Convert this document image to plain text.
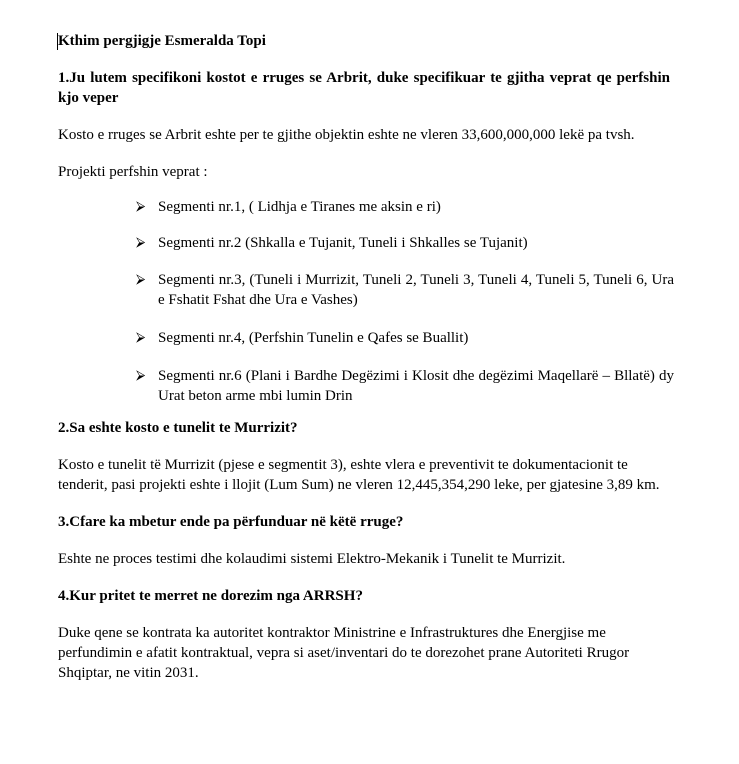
Kthim pergjigje Esmeralda Topi

1.Ju lutem specifikoni kostot e rruges se Arbrit, duke specifikuar te gjitha veprat qe perfshin kjo veper

Kosto e rruges se Arbrit eshte per te gjithe objektin eshte ne vleren 33,600,000,000 lekë pa tvsh.

Projekti perfshin veprat :

⮚ Segmenti nr.1, ( Lidhja e Tiranes me aksin e ri)
⮚ Segmenti nr.2 (Shkalla e Tujanit, Tuneli i Shkalles se Tujanit)
⮚ Segmenti nr.3, (Tuneli i Murrizit, Tuneli 2, Tuneli 3, Tuneli 4, Tuneli 5, Tuneli 6, Ura e Fshatit Fshat dhe Ura e Vashes)
⮚ Segmenti nr.4, (Perfshin Tunelin e Qafes se Buallit)
⮚ Segmenti nr.6 (Plani i Bardhe Degëzimi i Klosit dhe degëzimi Maqellarë – Bllatë) dy Urat beton arme mbi lumin Drin

2.Sa eshte kosto e tunelit te Murrizit?

Kosto e tunelit të Murrizit (pjese e segmentit 3), eshte vlera e preventivit te dokumentacionit te tenderit, pasi projekti eshte i llojit (Lum Sum) ne vleren 12,445,354,290 leke, per gjatesine 3,89 km.

3.Cfare ka mbetur ende pa përfunduar në këtë rruge?

Eshte ne proces testimi dhe kolaudimi sistemi Elektro-Mekanik i Tunelit te Murrizit.

4.Kur pritet te merret ne dorezim nga ARRSH?

Duke qene se kontrata ka autoritet kontraktor Ministrine e Infrastruktures dhe Energjise me perfundimin e afatit kontraktual, vepra si aset/inventari do te dorezohet prane Autoriteti Rrugor Shqiptar, ne vitin 2031.
